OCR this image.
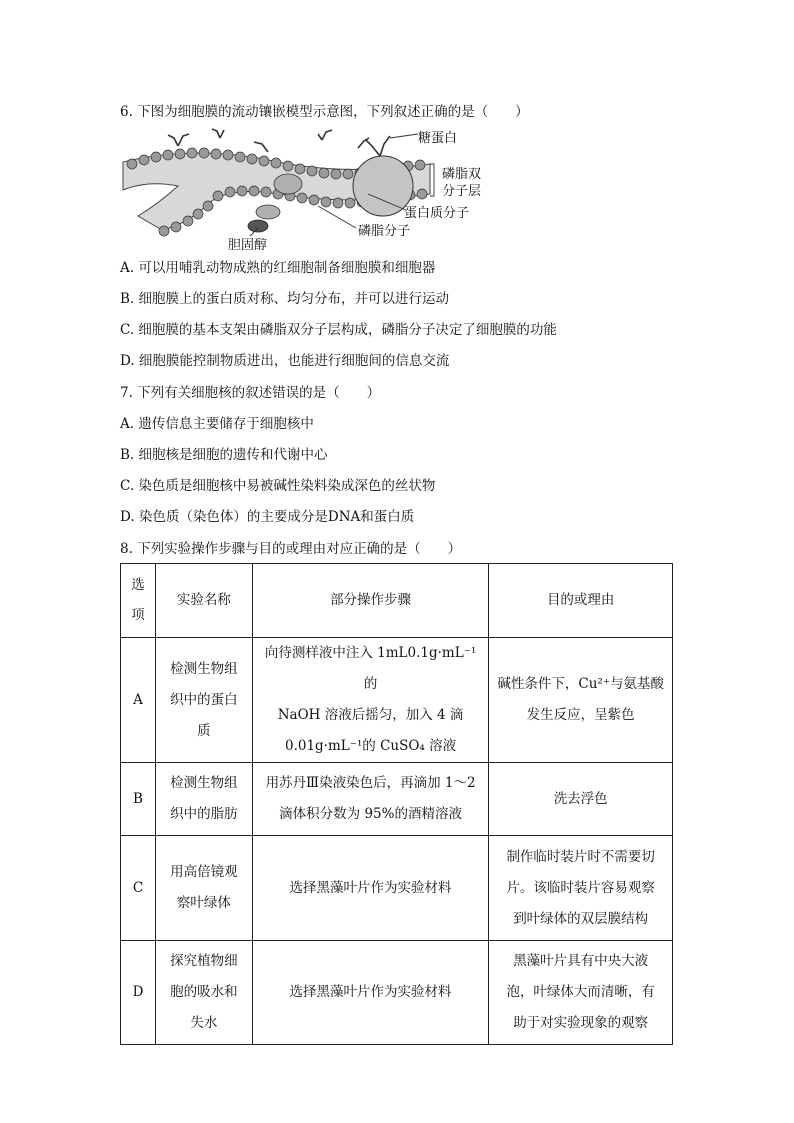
6. 下图为细胞膜的流动镶嵌模型示意图，下列叙述正确的是（　　）
糖蛋白
磷脂双
分子层
蛋白质分子
磷脂分子
胆固醇
A. 可以用哺乳动物成熟的红细胞制备细胞膜和细胞器
B. 细胞膜上的蛋白质对称、均匀分布，并可以进行运动
C. 细胞膜的基本支架由磷脂双分子层构成，磷脂分子决定了细胞膜的功能
D. 细胞膜能控制物质进出，也能进行细胞间的信息交流
7. 下列有关细胞核的叙述错误的是（　　）
A. 遗传信息主要储存于细胞核中
B. 细胞核是细胞的遗传和代谢中心
C. 染色质是细胞核中易被碱性染料染成深色的丝状物
D. 染色质（染色体）的主要成分是DNA和蛋白质
8. 下列实验操作步骤与目的或理由对应正确的是（　　）
选
项	实验名称	部分操作步骤	目的或理由
A	检测生物组
织中的蛋白
质	向待测样液中注入 1mL0.1g·mL⁻¹的
NaOH 溶液后摇匀，加入 4 滴
0.01g·mL⁻¹的 CuSO₄ 溶液	碱性条件下，Cu²⁺与氨基酸
发生反应，呈紫色
B	检测生物组
织中的脂肪	用苏丹Ⅲ染液染色后，再滴加 1～2
滴体积分数为 95%的酒精溶液	洗去浮色
C	用高倍镜观
察叶绿体	选择黑藻叶片作为实验材料	制作临时装片时不需要切
片。该临时装片容易观察
到叶绿体的双层膜结构
D	探究植物细
胞的吸水和
失水	选择黑藻叶片作为实验材料	黑藻叶片具有中央大液
泡，叶绿体大而清晰，有
助于对实验现象的观察
